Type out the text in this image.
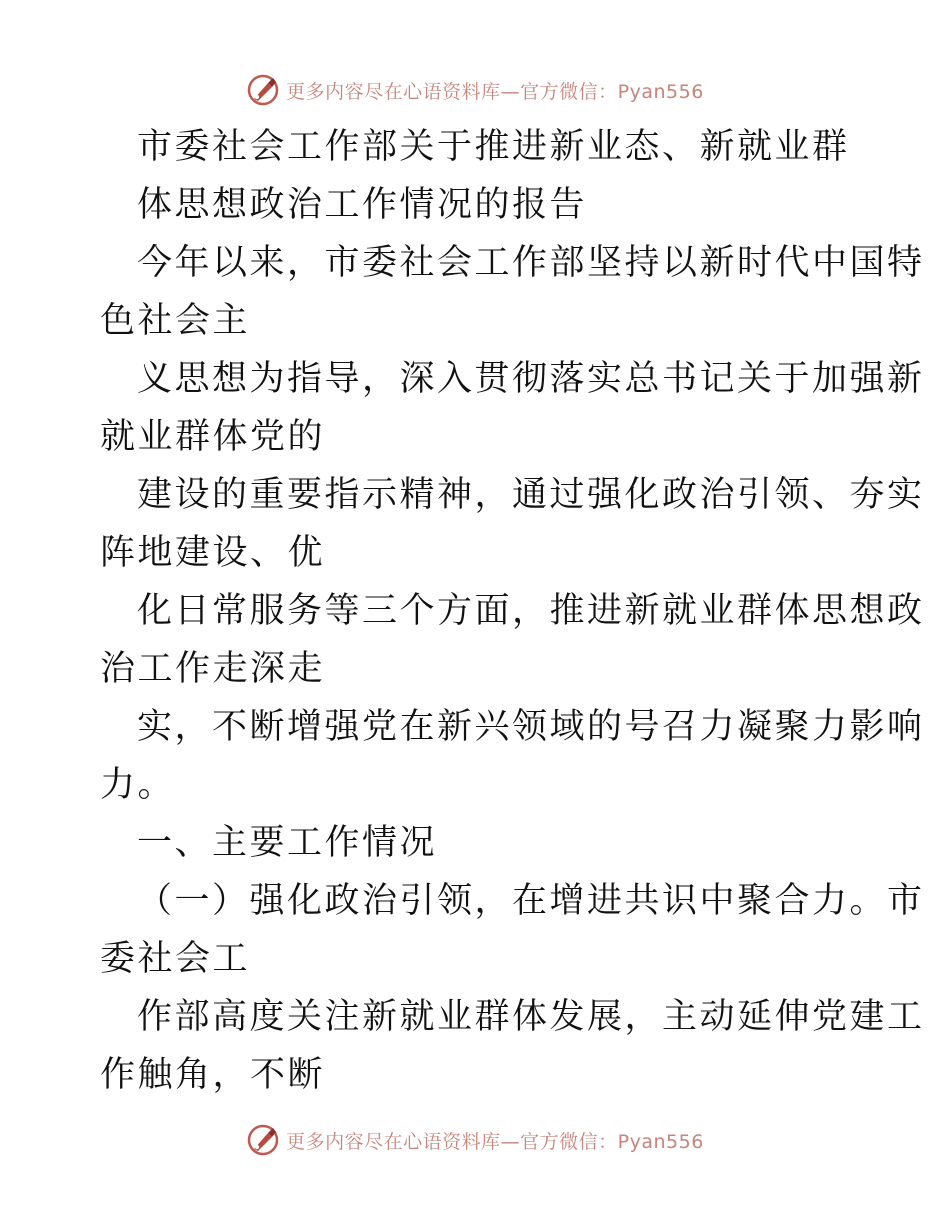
更多内容尽在心语资料库—官方微信：Pyan556
市委社会工作部关于推进新业态、新就业群
体思想政治工作情况的报告
今年以来，市委社会工作部坚持以新时代中国特
色社会主
义思想为指导，深入贯彻落实总书记关于加强新
就业群体党的
建设的重要指示精神，通过强化政治引领、夯实
阵地建设、优
化日常服务等三个方面，推进新就业群体思想政
治工作走深走
实，不断增强党在新兴领域的号召力凝聚力影响
力。
一、主要工作情况
（一）强化政治引领，在增进共识中聚合力。市
委社会工
作部高度关注新就业群体发展，主动延伸党建工
作触角，不断
更多内容尽在心语资料库—官方微信：Pyan556
